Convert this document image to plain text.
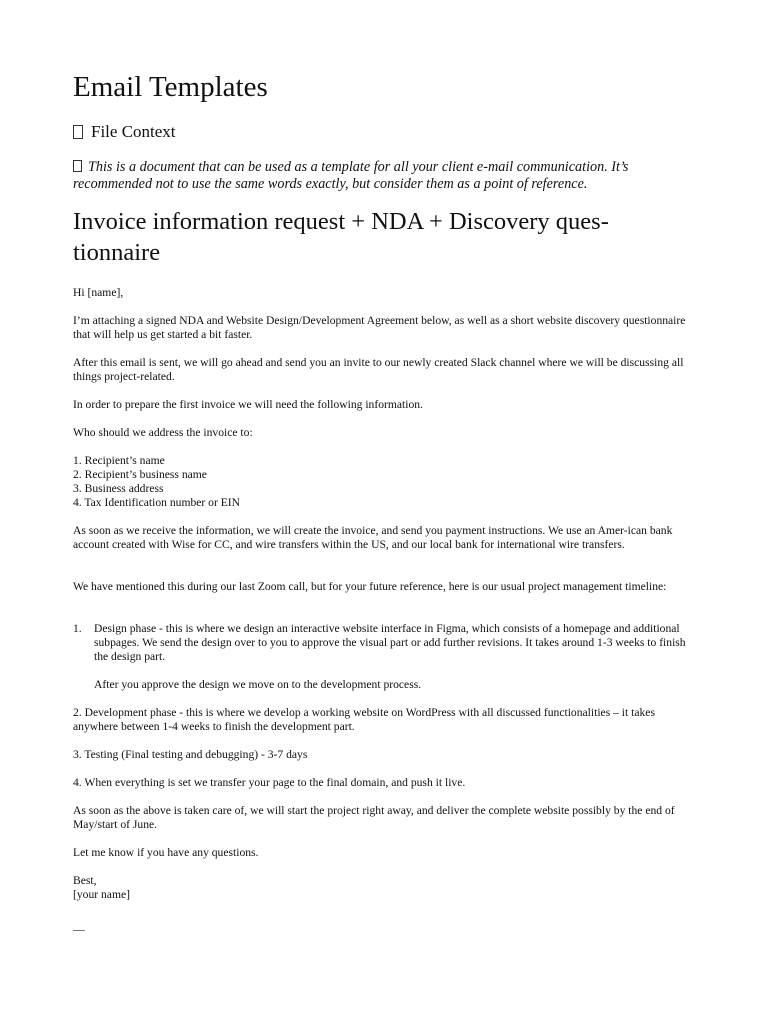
Email Templates
File Context
This is a document that can be used as a template for all your client e-mail communication. It’s recommended not to use the same words exactly, but consider them as a point of reference.
Invoice information request + NDA + Discovery ques-tionnaire

Hi [name],

I’m attaching a signed NDA and Website Design/Development Agreement below, as well as a short website discovery questionnaire that will help us get started a bit faster.

After this email is sent, we will go ahead and send you an invite to our newly created Slack channel where we will be discussing all things project-related.

In order to prepare the first invoice we will need the following information.

Who should we address the invoice to:

1. Recipient’s name
2. Recipient’s business name
3. Business address
4. Tax Identification number or EIN

As soon as we receive the information, we will create the invoice, and send you payment instructions. We use an Amer-ican bank account created with Wise for CC, and wire transfers within the US, and our local bank for international wire transfers.

We have mentioned this during our last Zoom call, but for your future reference, here is our usual project management timeline:

1. Design phase - this is where we design an interactive website interface in Figma, which consists of a homepage and additional subpages. We send the design over to you to approve the visual part or add further revisions. It takes around 1-3 weeks to finish the design part.
After you approve the design we move on to the development process.

2. Development phase - this is where we develop a working website on WordPress with all discussed functionalities – it takes anywhere between 1-4 weeks to finish the development part.

3. Testing (Final testing and debugging) - 3-7 days

4. When everything is set we transfer your page to the final domain, and push it live.

As soon as the above is taken care of, we will start the project right away, and deliver the complete website possibly by the end of May/start of June.

Let me know if you have any questions.

Best,

[your name]

—
